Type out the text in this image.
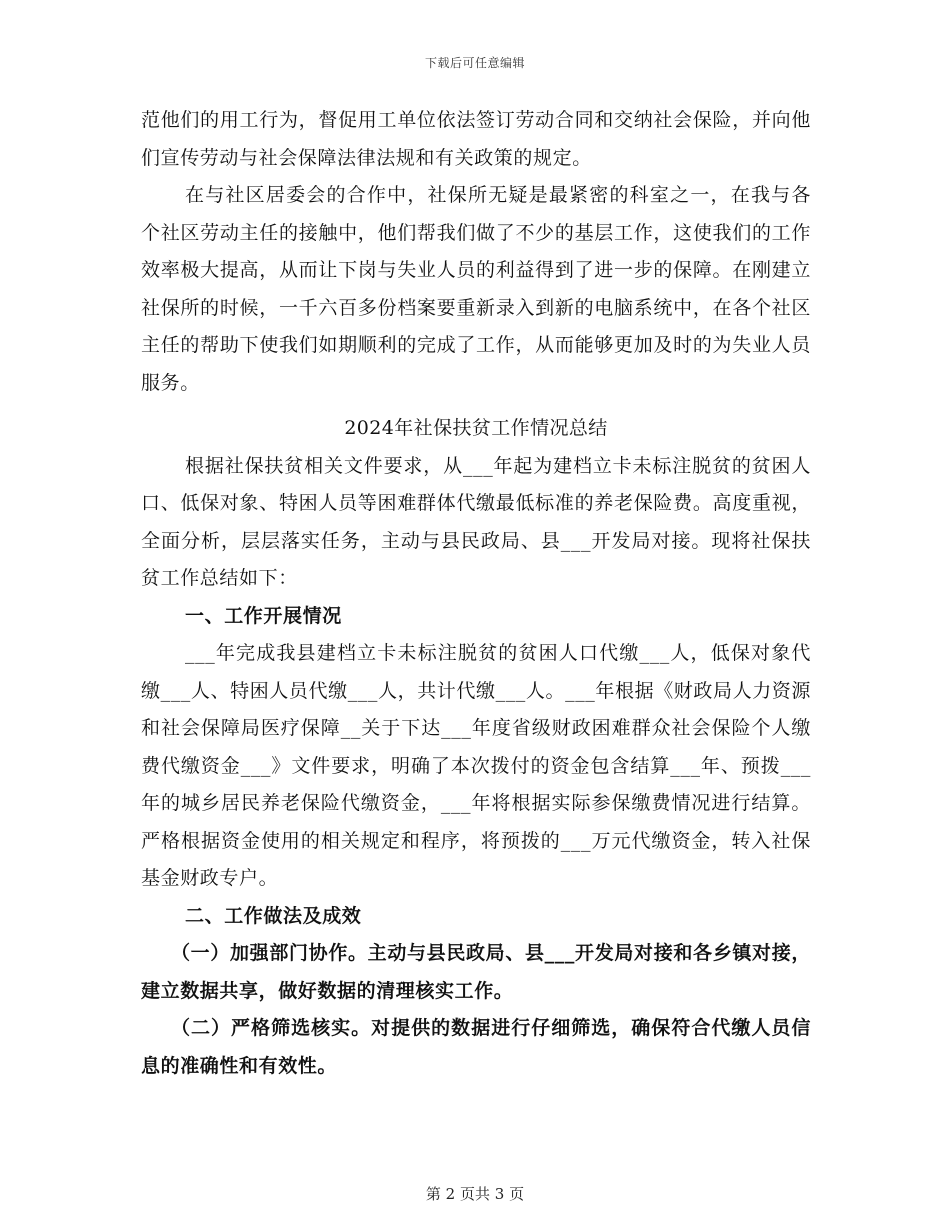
下载后可任意编辑

范他们的用工行为，督促用工单位依法签订劳动合同和交纳社会保险，并向他们宣传劳动与社会保障法律法规和有关政策的规定。

在与社区居委会的合作中，社保所无疑是最紧密的科室之一，在我与各个社区劳动主任的接触中，他们帮我们做了不少的基层工作，这使我们的工作效率极大提高，从而让下岗与失业人员的利益得到了进一步的保障。在刚建立社保所的时候，一千六百多份档案要重新录入到新的电脑系统中，在各个社区主任的帮助下使我们如期顺利的完成了工作，从而能够更加及时的为失业人员服务。

2024年社保扶贫工作情况总结

根据社保扶贫相关文件要求，从___年起为建档立卡未标注脱贫的贫困人口、低保对象、特困人员等困难群体代缴最低标准的养老保险费。高度重视，全面分析，层层落实任务，主动与县民政局、县___开发局对接。现将社保扶贫工作总结如下：

一、工作开展情况

___年完成我县建档立卡未标注脱贫的贫困人口代缴___人，低保对象代缴___人、特困人员代缴___人，共计代缴___人。___年根据《财政局人力资源和社会保障局医疗保障__关于下达___年度省级财政困难群众社会保险个人缴费代缴资金___》文件要求，明确了本次拨付的资金包含结算___年、预拨___年的城乡居民养老保险代缴资金，___年将根据实际参保缴费情况进行结算。严格根据资金使用的相关规定和程序，将预拨的___万元代缴资金，转入社保基金财政专户。

二、工作做法及成效

（一）加强部门协作。主动与县民政局、县___开发局对接和各乡镇对接，建立数据共享，做好数据的清理核实工作。

（二）严格筛选核实。对提供的数据进行仔细筛选，确保符合代缴人员信息的准确性和有效性。

第 2 页共 3 页
